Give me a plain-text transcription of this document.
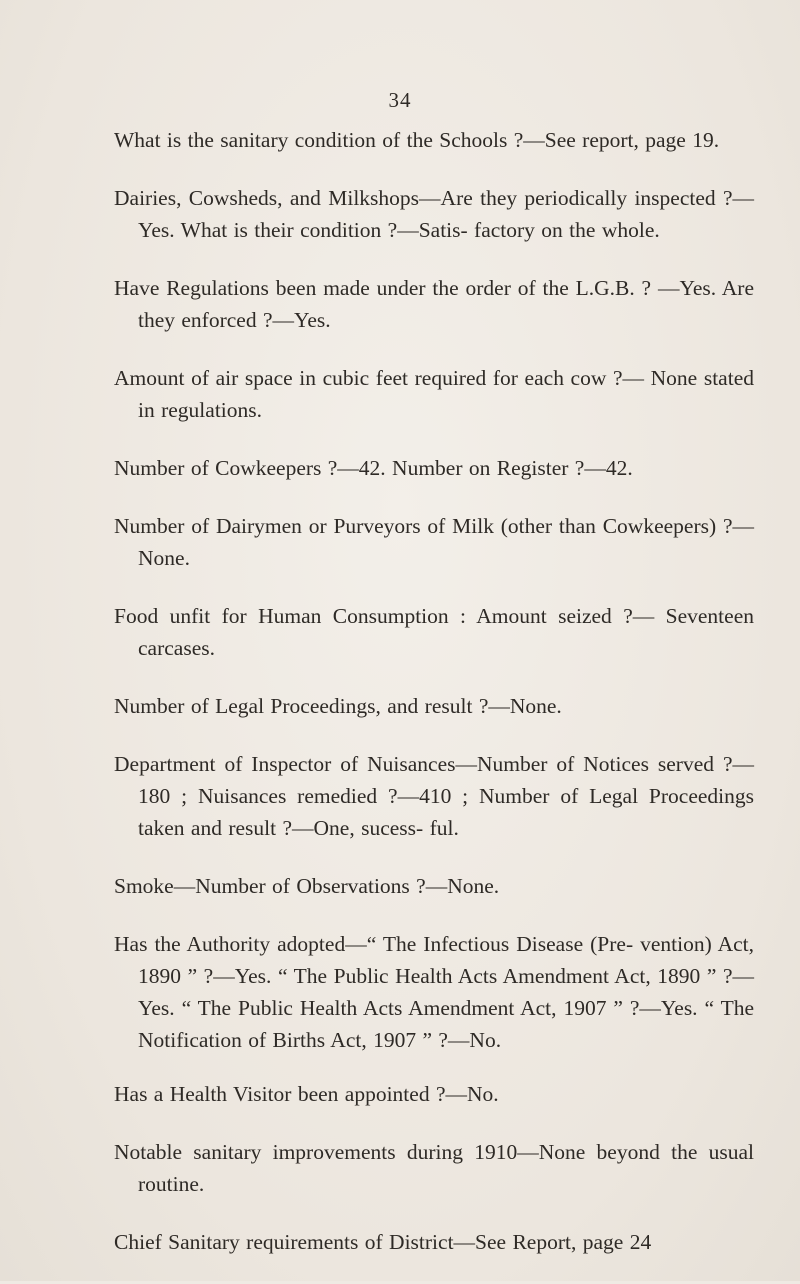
34

What is the sanitary condition of the Schools ?—See report, page 19.

Dairies, Cowsheds, and Milkshops—Are they periodically inspected ?—Yes. What is their condition ?—Satis- factory on the whole.

Have Regulations been made under the order of the L.G.B. ? —Yes. Are they enforced ?—Yes.

Amount of air space in cubic feet required for each cow ?— None stated in regulations.

Number of Cowkeepers ?—42. Number on Register ?—42.

Number of Dairymen or Purveyors of Milk (other than Cowkeepers) ?—None.

Food unfit for Human Consumption : Amount seized ?— Seventeen carcases.

Number of Legal Proceedings, and result ?—None.

Department of Inspector of Nuisances—Number of Notices served ?—180 ; Nuisances remedied ?—410 ; Number of Legal Proceedings taken and result ?—One, sucess- ful.

Smoke—Number of Observations ?—None.

Has the Authority adopted—“ The Infectious Disease (Pre- vention) Act, 1890 ” ?—Yes. “ The Public Health Acts Amendment Act, 1890 ” ?—Yes. “ The Public Health Acts Amendment Act, 1907 ” ?—Yes. “ The Notification of Births Act, 1907 ” ?—No.

Has a Health Visitor been appointed ?—No.

Notable sanitary improvements during 1910—None beyond the usual routine.

Chief Sanitary requirements of District—See Report, page 24
